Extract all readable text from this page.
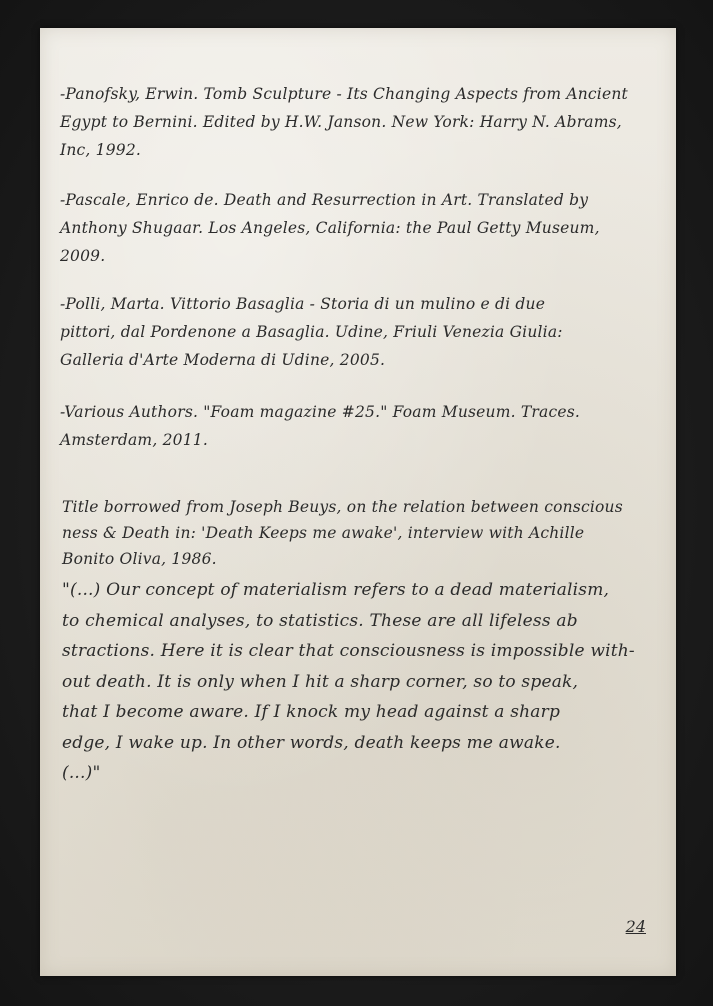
-Panofsky, Erwin. Tomb Sculpture - Its Changing Aspects from Ancient
Egypt to Bernini. Edited by H.W. Janson. New York: Harry N. Abrams,
Inc, 1992.
-Pascale, Enrico de. Death and Resurrection in Art. Translated by
Anthony Shugaar. Los Angeles, California: the Paul Getty Museum,
2009.
-Polli, Marta. Vittorio Basaglia - Storia di un mulino e di due
pittori, dal Pordenone a Basaglia. Udine, Friuli Venezia Giulia:
Galleria d'Arte Moderna di Udine, 2005.
-Various Authors. "Foam magazine #25." Foam Museum. Traces.
Amsterdam, 2011.
Title borrowed from Joseph Beuys, on the relation between conscious
ness & Death in: 'Death Keeps me awake', interview with Achille
Bonito Oliva, 1986.
"(...) Our concept of materialism refers to a dead materialism,
to chemical analyses, to statistics. These are all lifeless ab
stractions. Here it is clear that consciousness is impossible with-
out death. It is only when I hit a sharp corner, so to speak,
that I become aware. If I knock my head against a sharp
edge, I wake up. In other words, death keeps me awake.
(...)"

24
